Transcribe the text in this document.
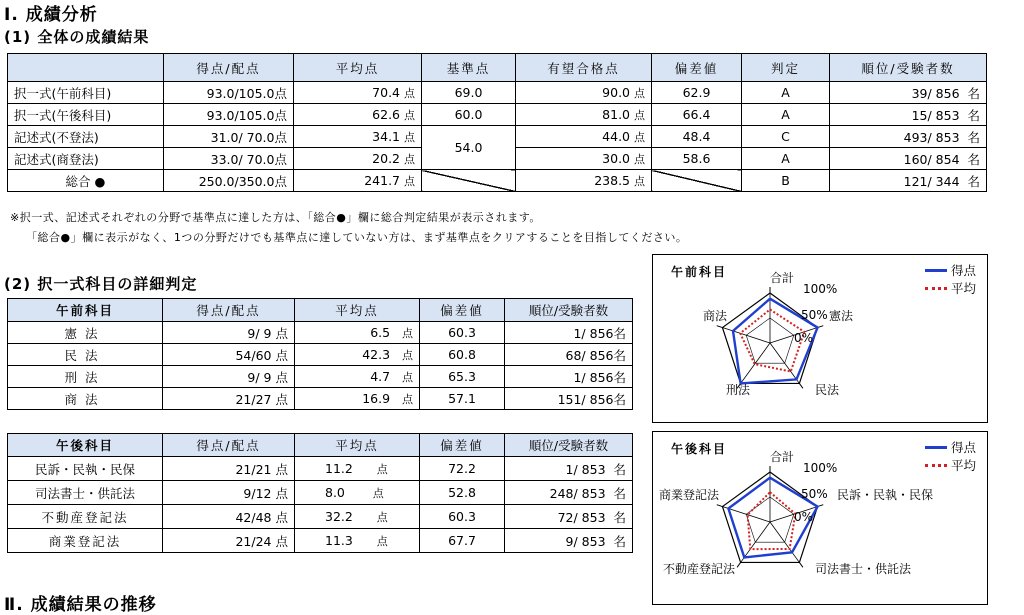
Ⅰ. 成績分析
(1) 全体の成績結果
	得点/配点	平均点	基準点	有望合格点	偏差値	判定	順位/受験者数
択一式(午前科目)	93.0/105.0点	70.4 点	69.0	90.0 点	62.9	A	39/ 856 名
択一式(午後科目)	93.0/105.0点	62.6 点	60.0	81.0 点	66.4	A	15/ 853 名
記述式(不登法)	31.0/ 70.0点	34.1 点	54.0	44.0 点	48.4	C	493/ 853 名
記述式(商登法)	33.0/ 70.0点	20.2 点		30.0 点	58.6	A	160/ 854 名
総合 ●	250.0/350.0点	241.7 点		238.5 点		B	121/ 344 名
※択一式、記述式それぞれの分野で基準点に達した方は、「総合●」欄に総合判定結果が表示されます。
「総合●」欄に表示がなく、1つの分野だけでも基準点に達していない方は、まず基準点をクリアすることを目指してください。
(2) 択一式科目の詳細判定
午前科目	得点/配点	平均点	偏差値	順位/受験者数
憲法	9/ 9 点	6.5 点	60.3	1/ 856名
民法	54/60 点	42.3 点	60.8	68/ 856名
刑法	9/ 9 点	4.7 点	65.3	1/ 856名
商法	21/27 点	16.9 点	57.1	151/ 856名
午後科目	得点/配点	平均点	偏差値	順位/受験者数
民訴・民執・民保	21/21 点	11.2 点	72.2	1/ 853 名
司法書士・供託法	9/12 点	8.0 点	52.8	248/ 853 名
不動産登記法	42/48 点	32.2 点	60.3	72/ 853 名
商業登記法	21/24 点	11.3 点	67.7	9/ 853 名
午前科目	得点
平均
合計
憲法
民法
刑法
商法
100%
50%
0%
午後科目	得点
平均
合計
民訴・民執・民保
司法書士・供託法
不動産登記法
商業登記法
100%
50%
0%
Ⅱ. 成績結果の推移
